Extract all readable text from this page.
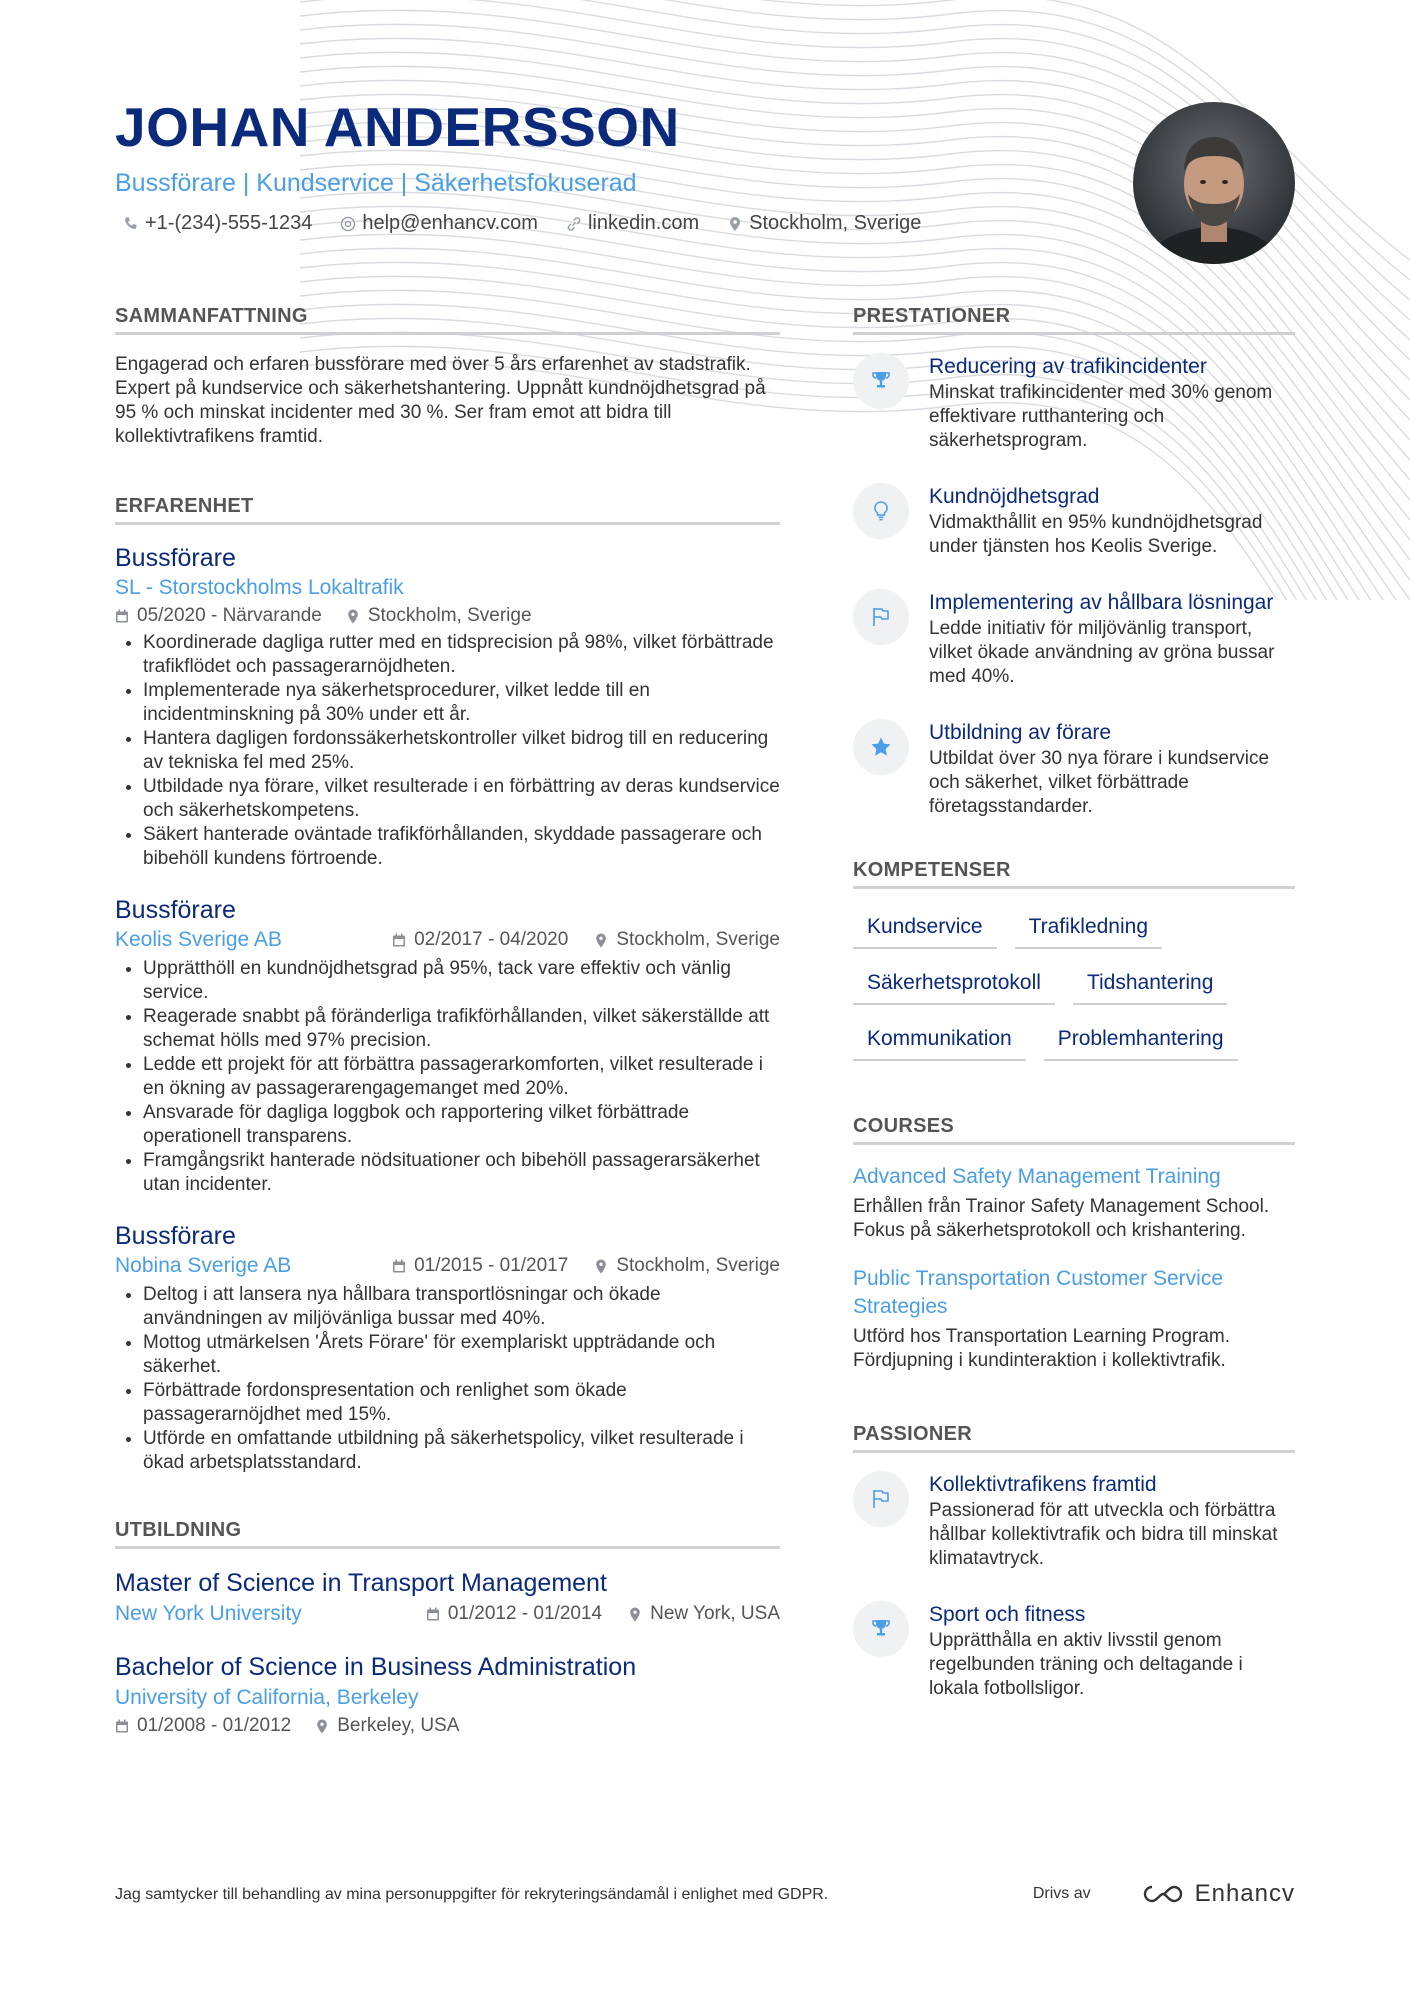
JOHAN ANDERSSON
Bussförare | Kundservice | Säkerhetsfokuserad
+1-(234)-555-1234	help@enhancv.com	linkedin.com	Stockholm, Sverige
SAMMANFATTNING

Engagerad och erfaren bussförare med över 5 års erfarenhet av stadstrafik. Expert på kundservice och säkerhetshantering. Uppnått kundnöjdhetsgrad på 95 % och minskat incidenter med 30 %. Ser fram emot att bidra till kollektivtrafikens framtid.

ERFARENHET
Bussförare
SL - Storstockholms Lokaltrafik
05/2020 - Närvarande Stockholm, Sverige
• Koordinerade dagliga rutter med en tidsprecision på 98%, vilket förbättrade trafikflödet och passagerarnöjdheten.
• Implementerade nya säkerhetsprocedurer, vilket ledde till en incidentminskning på 30% under ett år.
• Hantera dagligen fordonssäkerhetskontroller vilket bidrog till en reducering av tekniska fel med 25%.
• Utbildade nya förare, vilket resulterade i en förbättring av deras kundservice och säkerhetskompetens.
• Säkert hanterade oväntade trafikförhållanden, skyddade passagerare och bibehöll kundens förtroende.
Bussförare
Keolis Sverige AB	02/2017 - 04/2020	Stockholm, Sverige
• Upprätthöll en kundnöjdhetsgrad på 95%, tack vare effektiv och vänlig service.
• Reagerade snabbt på föränderliga trafikförhållanden, vilket säkerställde att schemat hölls med 97% precision.
• Ledde ett projekt för att förbättra passagerarkomforten, vilket resulterade i en ökning av passagerarengagemanget med 20%.
• Ansvarade för dagliga loggbok och rapportering vilket förbättrade operationell transparens.
• Framgångsrikt hanterade nödsituationer och bibehöll passagerarsäkerhet utan incidenter.
Bussförare
Nobina Sverige AB	01/2015 - 01/2017	Stockholm, Sverige
• Deltog i att lansera nya hållbara transportlösningar och ökade användningen av miljövänliga bussar med 40%.
• Mottog utmärkelsen 'Årets Förare' för exemplariskt uppträdande och säkerhet.
• Förbättrade fordonspresentation och renlighet som ökade passagerarnöjdhet med 15%.
• Utförde en omfattande utbildning på säkerhetspolicy, vilket resulterade i ökad arbetsplatsstandard.
UTBILDNING
Master of Science in Transport Management
New York University	01/2012 - 01/2014	New York, USA
Bachelor of Science in Business Administration
University of California, Berkeley
01/2008 - 01/2012 Berkeley, USA
PRESTATIONER
Reducering av trafikincidenter
Minskat trafikincidenter med 30% genom effektivare rutthantering och säkerhetsprogram.
Kundnöjdhetsgrad
Vidmakthållit en 95% kundnöjdhetsgrad under tjänsten hos Keolis Sverige.
Implementering av hållbara lösningar
Ledde initiativ för miljövänlig transport, vilket ökade användning av gröna bussar med 40%.
Utbildning av förare
Utbildat över 30 nya förare i kundservice och säkerhet, vilket förbättrade företagsstandarder.
KOMPETENSER
Kundservice	Trafikledning
Säkerhetsprotokoll	Tidshantering
Kommunikation	Problemhantering
COURSES
Advanced Safety Management Training
Erhållen från Trainor Safety Management School. Fokus på säkerhetsprotokoll och krishantering.
Public Transportation Customer Service Strategies
Utförd hos Transportation Learning Program. Fördjupning i kundinteraktion i kollektivtrafik.
PASSIONER
Kollektivtrafikens framtid
Passionerad för att utveckla och förbättra hållbar kollektivtrafik och bidra till minskat klimatavtryck.
Sport och fitness
Upprätthålla en aktiv livsstil genom regelbunden träning och deltagande i lokala fotbollsligor.
Jag samtycker till behandling av mina personuppgifter för rekryteringsändamål i enlighet med GDPR.	Drivs av	Enhancv
